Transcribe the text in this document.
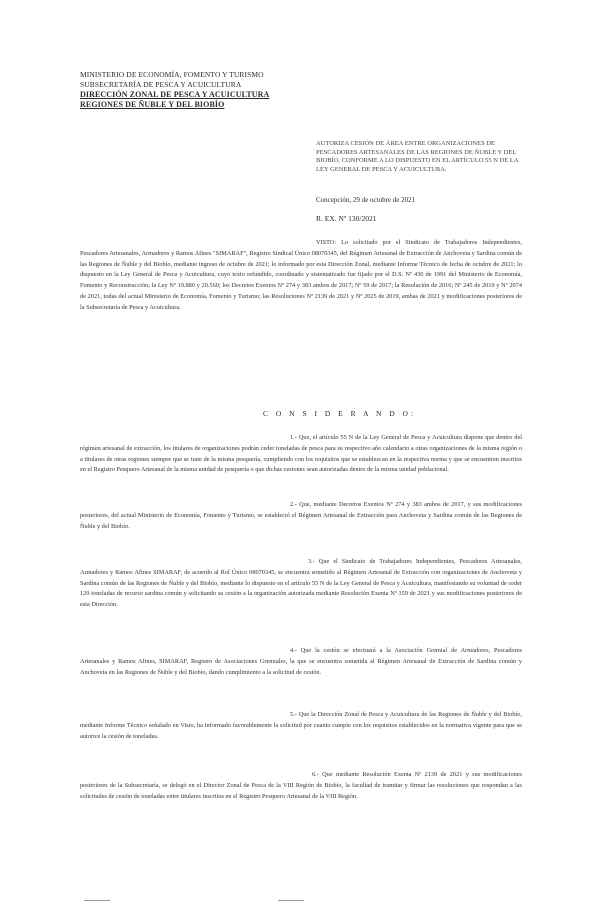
MINISTERIO DE ECONOMÍA, FOMENTO Y TURISMO
SUBSECRETARÍA DE PESCA Y ACUICULTURA
DIRECCIÓN ZONAL DE PESCA Y ACUICULTURA
REGIONES DE ÑUBLE Y DEL BIOBÍO
AUTORIZA CESIÓN DE ÁREA ENTRE ORGANIZACIONES DE PESCADORES ARTESANALES DE LAS REGIONES DE ÑUBLE Y DEL BIOBÍO, CONFORME A LO DISPUESTO EN EL ARTÍCULO 55 N DE LA LEY GENERAL DE PESCA Y ACUICULTURA.
Concepción, 29 de octubre de 2021
R. EX. Nº 130/2021
VISTO: Lo solicitado por el Sindicato de Trabajadores Independientes, Pescadores Artesanales, Armadores y Ramos Afines "SIMARAF", Registro Sindical Único 08070345, del Régimen Artesanal de Extracción de Anchoveta y Sardina común de las Regiones de Ñuble y del Biobío, mediante ingreso de octubre de 2021; lo informado por esta Dirección Zonal, mediante Informe Técnico de fecha de octubre de 2021; lo dispuesto en la Ley General de Pesca y Acuicultura, cuyo texto refundido, coordinado y sistematizado fue fijado por el D.S. Nº 430 de 1991 del Ministerio de Economía, Fomento y Reconstrucción; la Ley Nº 19.880 y 20.560; los Decretos Exentos Nº 274 y 383 ambos de 2017; Nº 59 de 2017; la Resolución de 2016; Nº 245 de 2019 y Nº 2074 de 2021, todas del actual Ministerio de Economía, Fomento y Turismo; las Resoluciones Nº 2139 de 2021 y Nº 2025 de 2019, ambas de 2021 y modificaciones posteriores de la Subsecretaría de Pesca y Acuicultura.
C O N S I D E R A N D O:
1.- Que, el artículo 55 N de la Ley General de Pesca y Acuicultura dispone que dentro del régimen artesanal de extracción, los titulares de organizaciones podrán ceder toneladas de pesca para su respectivo año calendario a otras organizaciones de la misma región o a titulares de otras regiones siempre que se trate de la misma pesquería, cumpliendo con los requisitos que se establezcan en la respectiva norma y que se encuentren inscritos en el Registro Pesquero Artesanal de la misma unidad de pesquería o que dichas cesiones sean autorizadas dentro de la misma unidad poblacional.
2.- Que, mediante Decretos Exentos Nº 274 y 383 ambos de 2017, y sus modificaciones posteriores, del actual Ministerio de Economía, Fomento y Turismo, se estableció el Régimen Artesanal de Extracción para Anchoveta y Sardina común de las Regiones de Ñuble y del Biobío.
3.- Que el Sindicato de Trabajadores Independientes, Pescadores Artesanales, Armadores y Ramos Afines SIMARAF, de acuerdo al Rol Único 08070345, se encuentra sometido al Régimen Artesanal de Extracción con organizaciones de Anchoveta y Sardina común de las Regiones de Ñuble y del Biobío, mediante lo dispuesto en el artículo 55 N de la Ley General de Pesca y Acuicultura, manifestando su voluntad de ceder 129 toneladas de recurso sardina común y solicitando su cesión a la organización autorizada mediante Resolución Exenta Nº 359 de 2021 y sus modificaciones posteriores de esta Dirección.
4.- Que la cesión se efectuará a la Asociación Gremial de Armadores, Pescadores Artesanales y Ramos Afines, SIMARAF, Registro de Asociaciones Gremiales, la que se encuentra sometida al Régimen Artesanal de Extracción de Sardina común y Anchoveta en las Regiones de Ñuble y del Biobío, dando cumplimiento a la solicitud de cesión.
5.- Que la Dirección Zonal de Pesca y Acuicultura de las Regiones de Ñuble y del Biobío, mediante Informe Técnico señalado en Visto, ha informado favorablemente la solicitud por cuanto cumple con los requisitos establecidos en la normativa vigente para que se autorice la cesión de toneladas.
6.- Que mediante Resolución Exenta Nº 2139 de 2021 y sus modificaciones posteriores de la Subsecretaría, se delegó en el Director Zonal de Pesca de la VIII Región de Biobío, la facultad de tramitar y firmar las resoluciones que respondan a las solicitudes de cesión de toneladas entre titulares inscritos en el Registro Pesquero Artesanal de la VIII Región.
